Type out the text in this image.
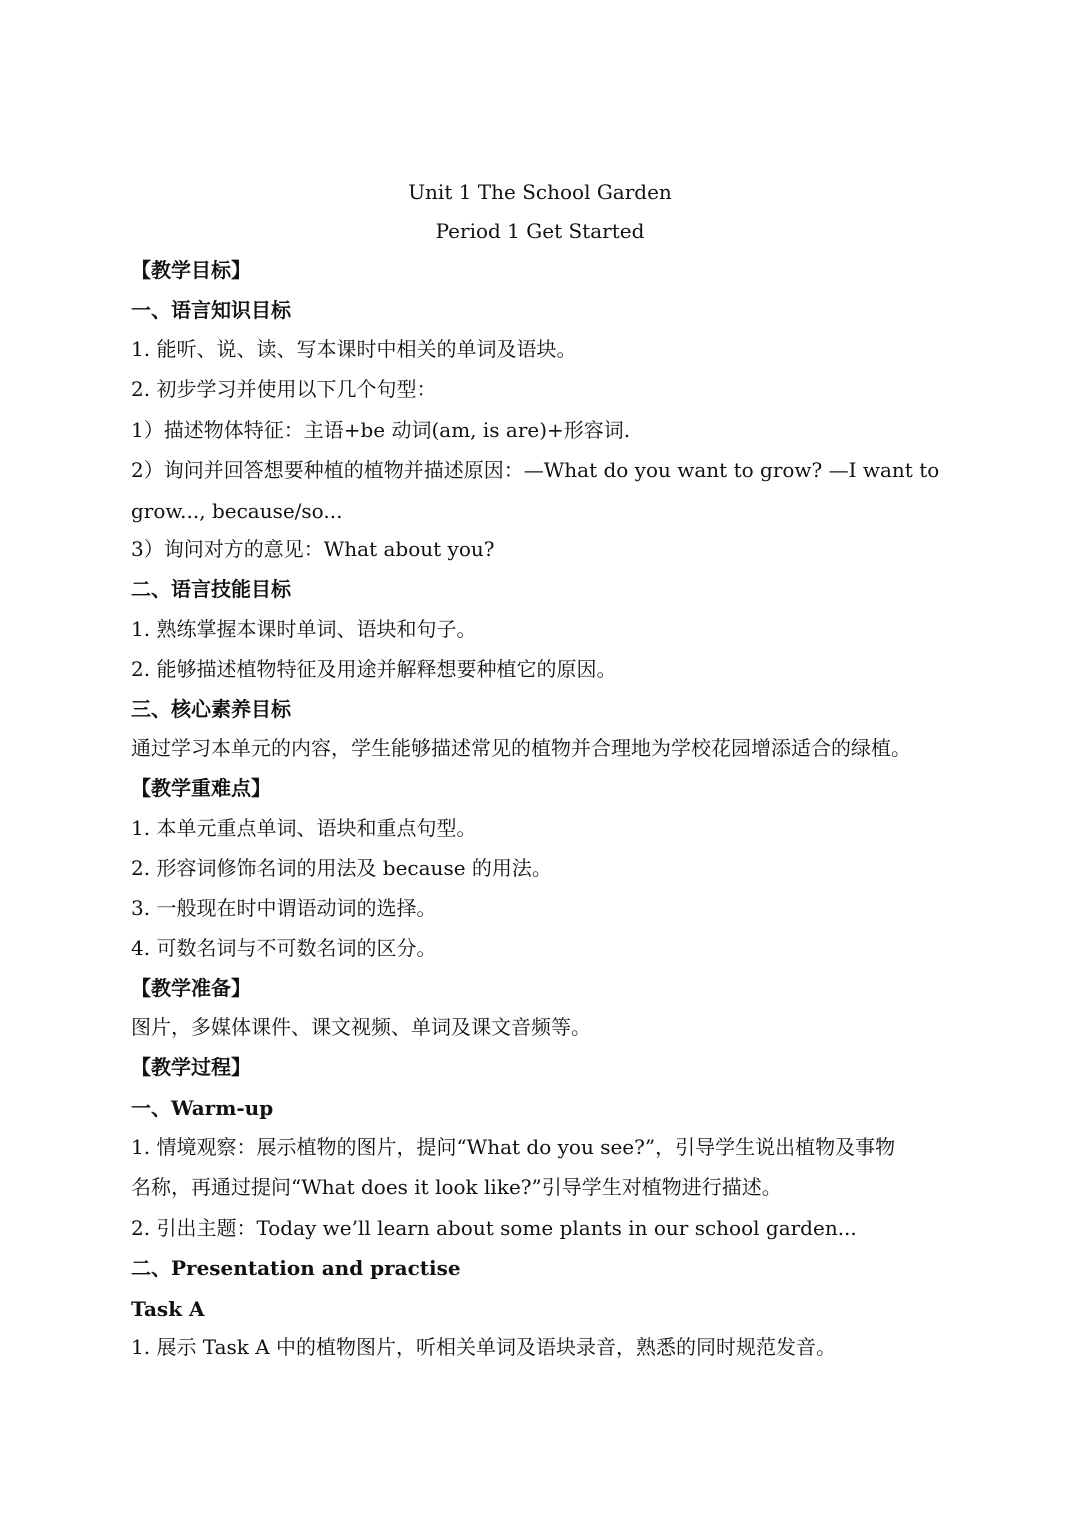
Unit 1 The School Garden
Period 1 Get Started
【教学目标】
一、语言知识目标
1. 能听、说、读、写本课时中相关的单词及语块。
2. 初步学习并使用以下几个句型：
1）描述物体特征：主语+be 动词(am, is are)+形容词.
2）询问并回答想要种植的植物并描述原因：—What do you want to grow? —I want to
grow..., because/so...
3）询问对方的意见：What about you?
二、语言技能目标
1. 熟练掌握本课时单词、语块和句子。
2. 能够描述植物特征及用途并解释想要种植它的原因。
三、核心素养目标
通过学习本单元的内容，学生能够描述常见的植物并合理地为学校花园增添适合的绿植。
【教学重难点】
1. 本单元重点单词、语块和重点句型。
2. 形容词修饰名词的用法及 because 的用法。
3. 一般现在时中谓语动词的选择。
4. 可数名词与不可数名词的区分。
【教学准备】
图片，多媒体课件、课文视频、单词及课文音频等。
【教学过程】
一、Warm-up
1. 情境观察：展示植物的图片，提问“What do you see?”，引导学生说出植物及事物
名称，再通过提问“What does it look like?”引导学生对植物进行描述。
2. 引出主题：Today we’ll learn about some plants in our school garden...
二、Presentation and practise
Task A
1. 展示 Task A 中的植物图片，听相关单词及语块录音，熟悉的同时规范发音。
